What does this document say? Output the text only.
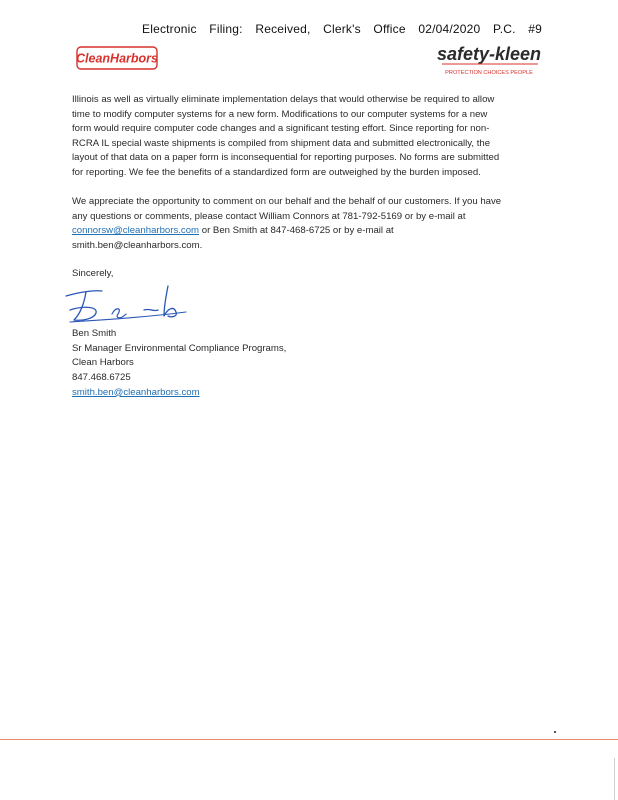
Electronic Filing: Received, Clerk's Office 02/04/2020 P.C. #9
CleanHarbors	safety-kleen
PROTECTION CHOICES PEOPLE
Illinois as well as virtually eliminate implementation delays that would otherwise be required to allow
time to modify computer systems for a new form. Modifications to our computer systems for a new
form would require computer code changes and a significant testing effort. Since reporting for non-
RCRA IL special waste shipments is compiled from shipment data and submitted electronically, the
layout of that data on a paper form is inconsequential for reporting purposes. No forms are submitted
for reporting. We fee the benefits of a standardized form are outweighed by the burden imposed.
We appreciate the opportunity to comment on our behalf and the behalf of our customers. If you have
any questions or comments, please contact William Connors at 781-792-5169 or by e-mail at
connorsw@cleanharbors.com or Ben Smith at 847-468-6725 or by e-mail at
smith.ben@cleanharbors.com.
Sincerely,
Ben Smith
Sr Manager Environmental Compliance Programs,
Clean Harbors
847.468.6725
smith.ben@cleanharbors.com
